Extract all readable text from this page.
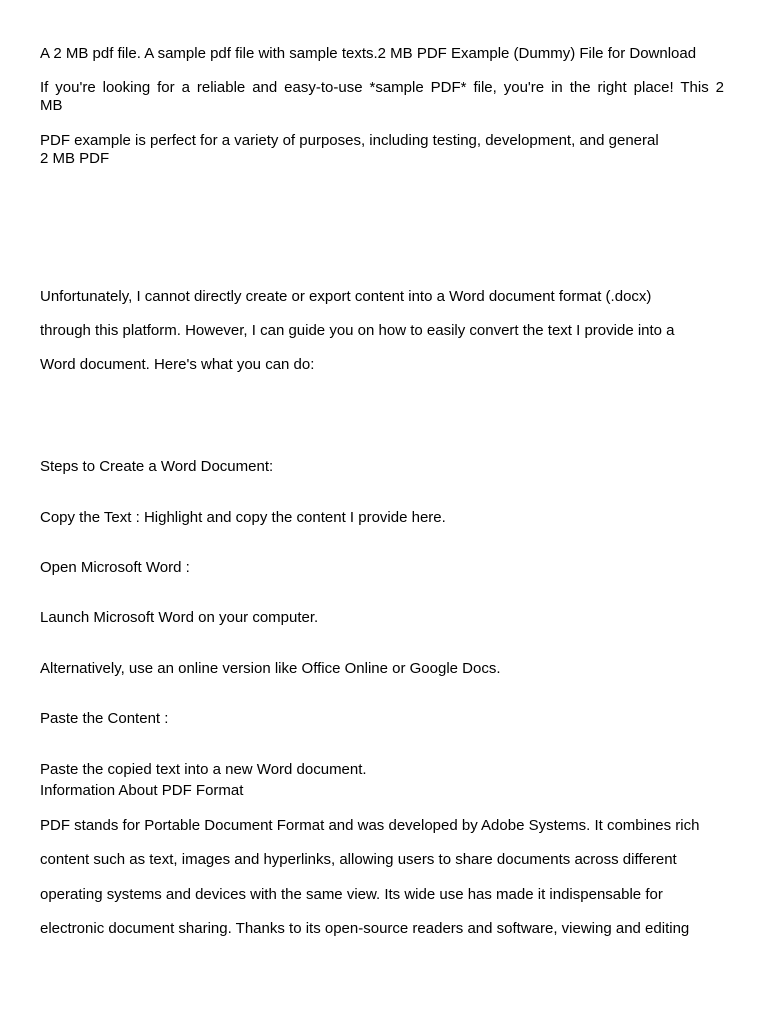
A 2 MB pdf file. A sample pdf file with sample texts.2 MB PDF Example (Dummy) File for Download
If you're looking for a reliable and easy-to-use *sample PDF* file, you're in the right place! This 2
MB
PDF example is perfect for a variety of purposes, including testing, development, and general
2 MB PDF
Unfortunately, I cannot directly create or export content into a Word document format (.docx)
through this platform. However, I can guide you on how to easily convert the text I provide into a
Word document. Here's what you can do:
Steps to Create a Word Document:
Copy the Text : Highlight and copy the content I provide here.
Open Microsoft Word :
Launch Microsoft Word on your computer.
Alternatively, use an online version like Office Online or Google Docs.
Paste the Content :
Paste the copied text into a new Word document.
Information About PDF Format
PDF stands for Portable Document Format and was developed by Adobe Systems. It combines rich
content such as text, images and hyperlinks, allowing users to share documents across different
operating systems and devices with the same view. Its wide use has made it indispensable for
electronic document sharing. Thanks to its open-source readers and software, viewing and editing
